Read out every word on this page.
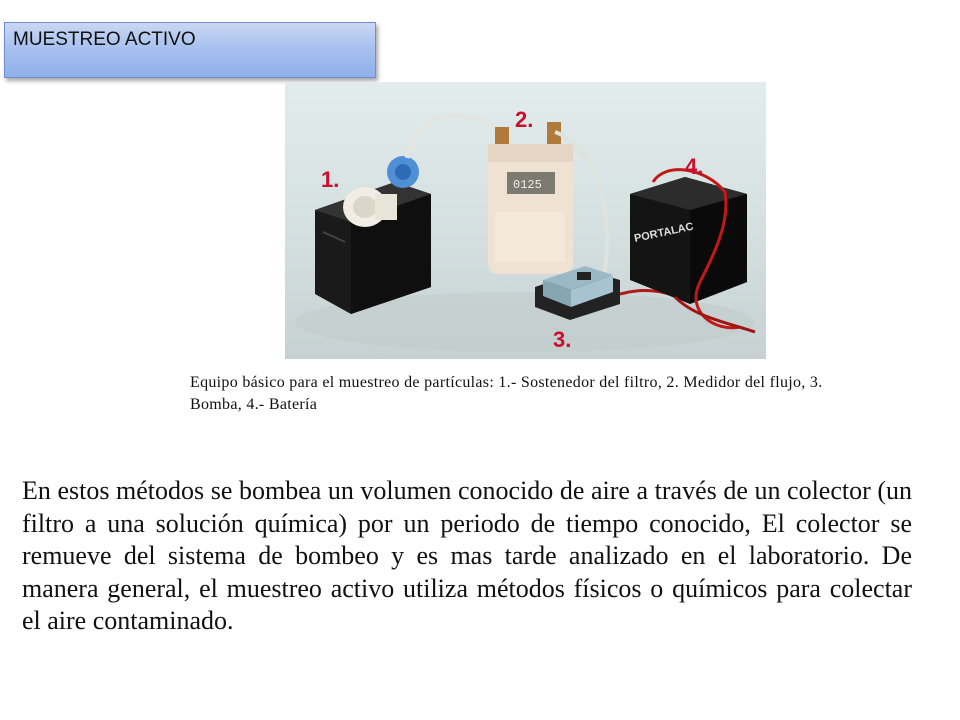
MUESTREO ACTIVO
1.	0125
2.
3.
PORTALAC
4.
Equipo básico para el muestreo de partículas: 1.- Sostenedor del filtro, 2. Medidor del flujo, 3. Bomba, 4.- Batería
En estos métodos se bombea un volumen conocido de aire a través de un colector (un filtro a una solución química) por un periodo de tiempo conocido, El colector se remueve del sistema de bombeo y es mas tarde analizado en el laboratorio. De manera general, el muestreo activo utiliza métodos físicos o químicos para colectar el aire contaminado.
